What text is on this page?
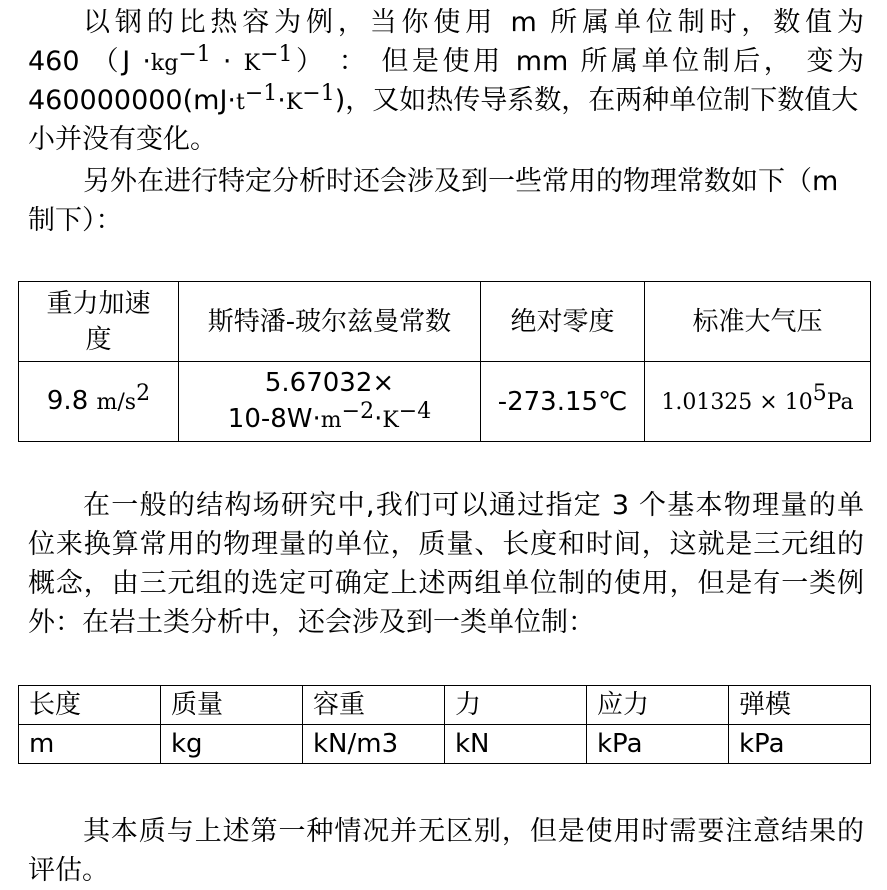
以钢的比热容为例，当你使用 m 所属单位制时，数值为
460 $(J \cdot kg^{-1} \cdot K^{-1})$ ： 但是使用 mm 所属单位制后， 变为
$460000000(mJ\cdot t^{-1}\cdot K^{-1})$，又如热传导系数，在两种单位制下数值大
小并没有变化。
另外在进行特定分析时还会涉及到一些常用的物理常数如下（m
制下）：
重力加速
度	斯特潘-玻尔兹曼常数	绝对零度	标准大气压
9.8 $m/s^2$	5.67032×
$10-8W\cdot m^{-2}\cdot K^{-4}$	-273.15℃	$1.01325 \times 10^5Pa$
在一般的结构场研究中,我们可以通过指定 3 个基本物理量的单
位来换算常用的物理量的单位，质量、长度和时间，这就是三元组的
概念，由三元组的选定可确定上述两组单位制的使用，但是有一类例
外：在岩土类分析中，还会涉及到一类单位制：
长度	质量	容重	力	应力	弹模
m	kg	kN/m3	kN	kPa	kPa
其本质与上述第一种情况并无区别，但是使用时需要注意结果的
评估。
